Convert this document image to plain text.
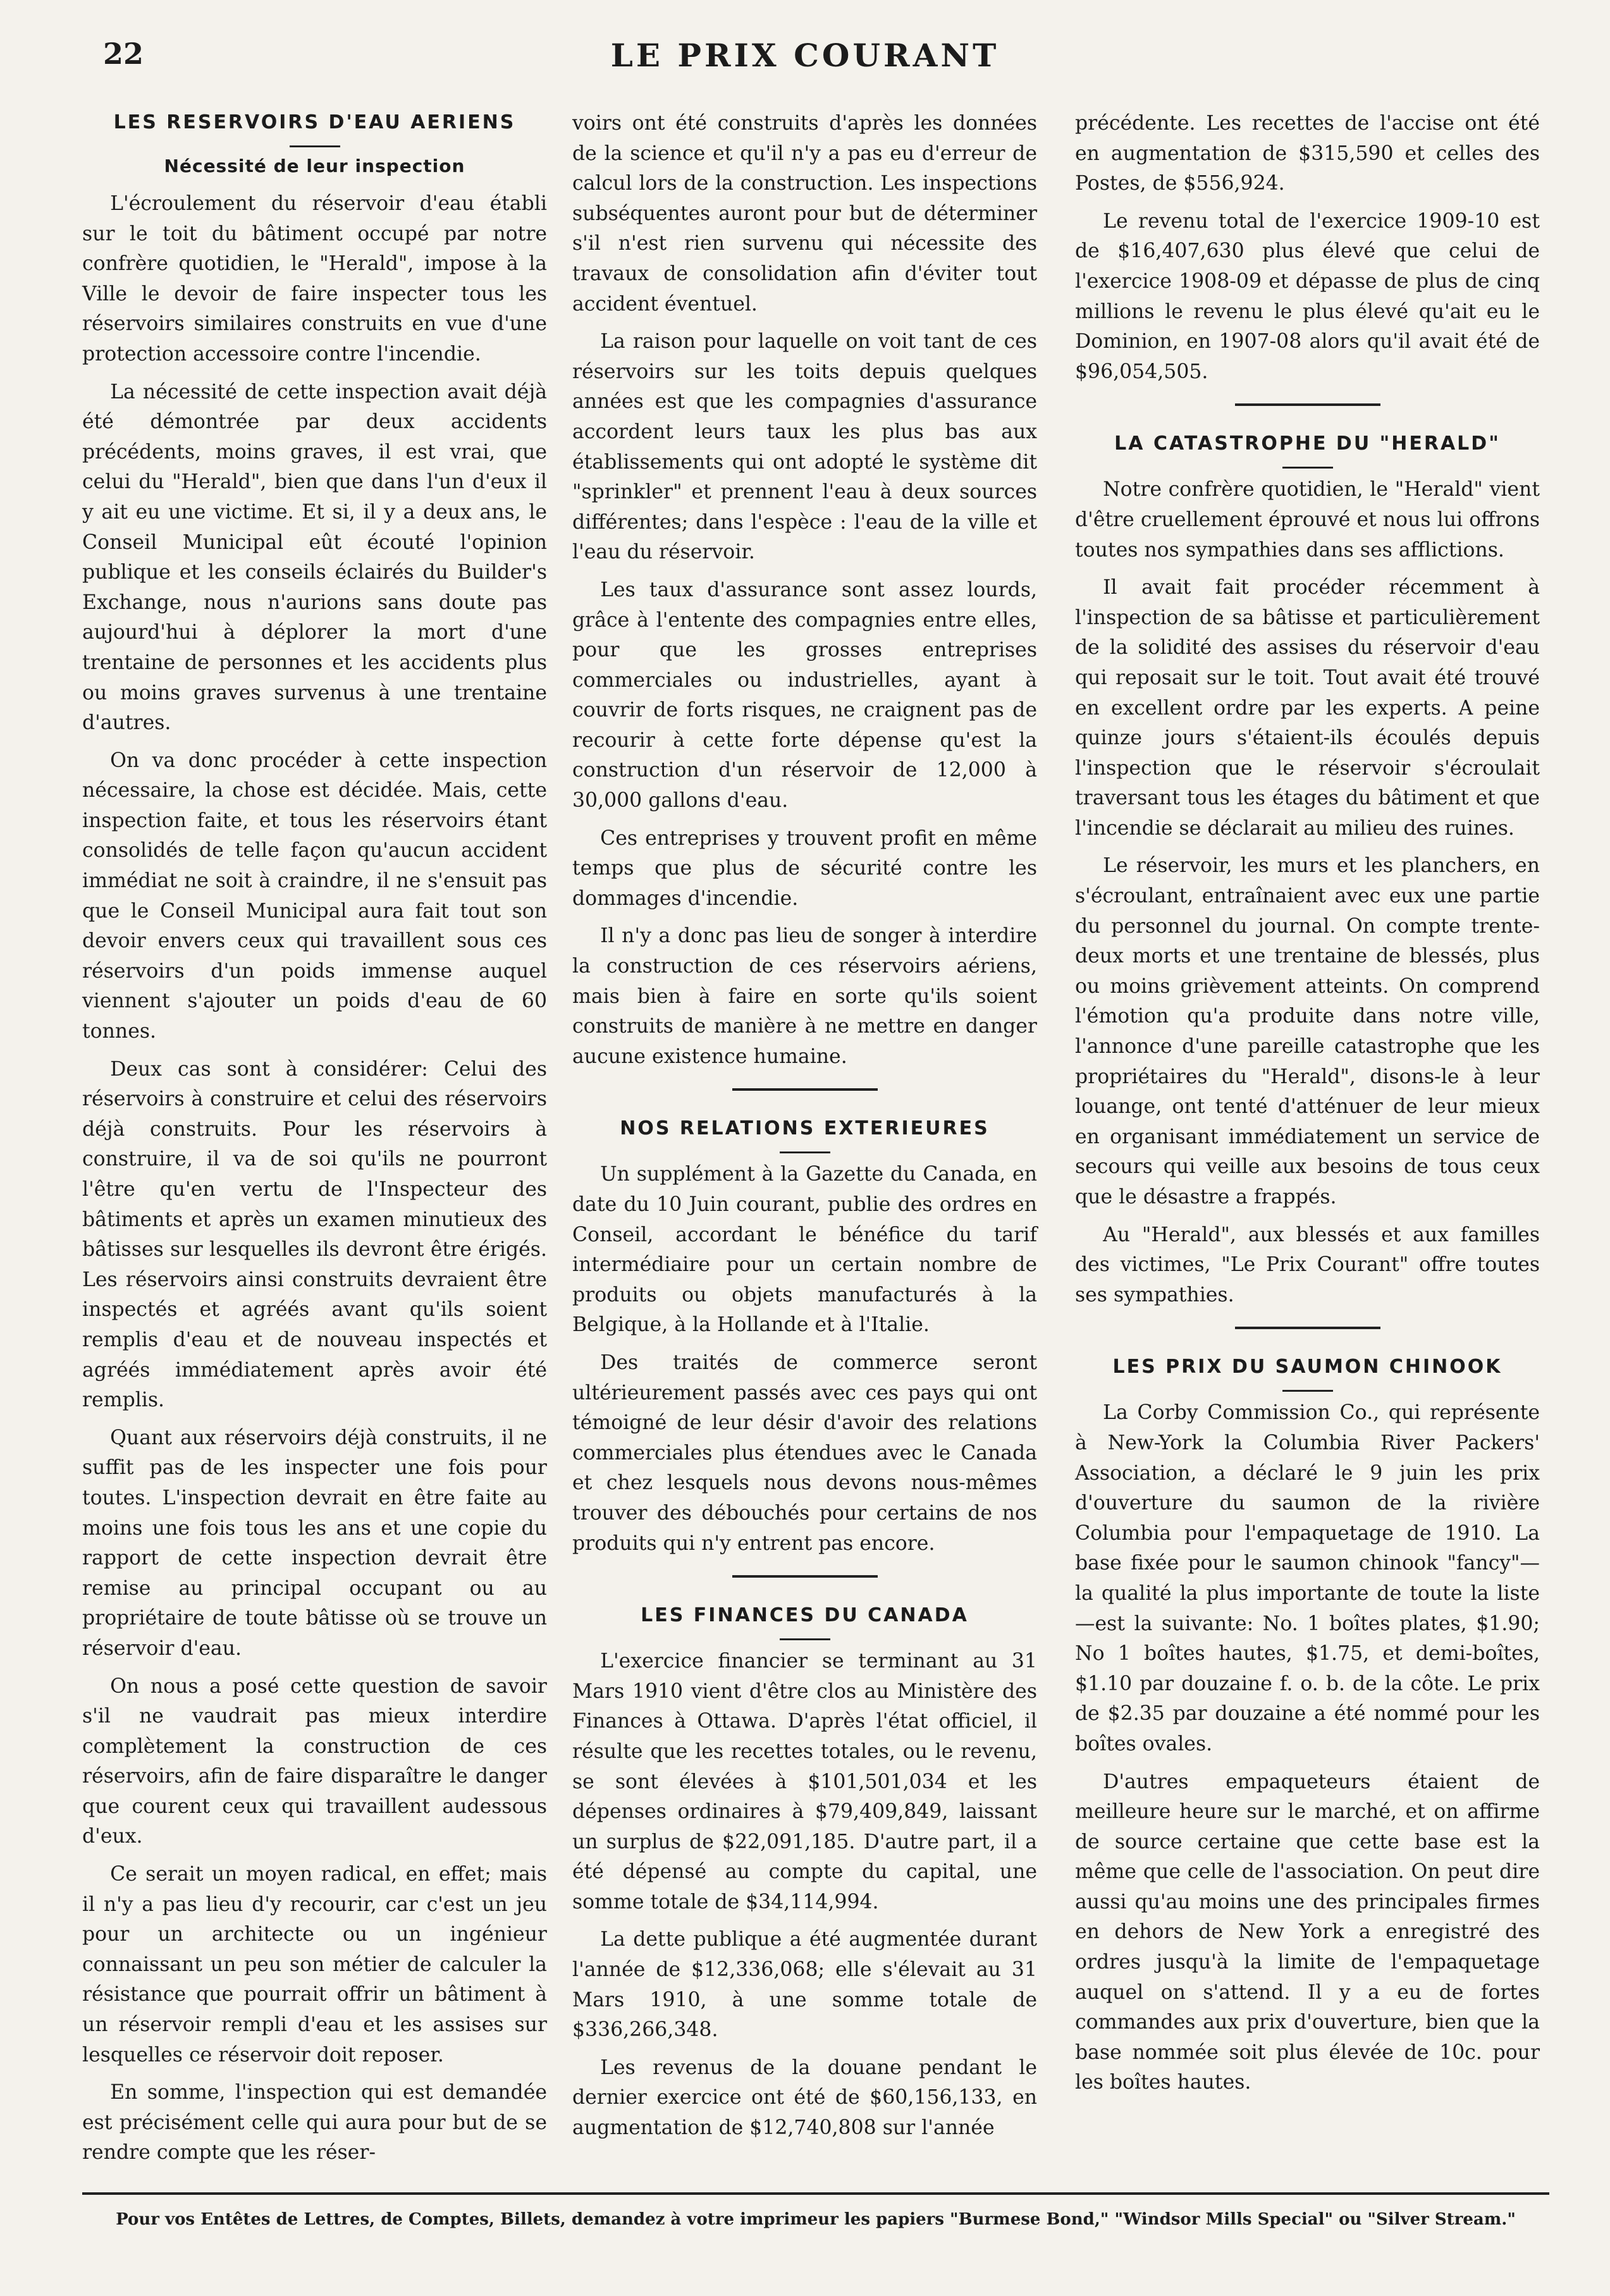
22	LE PRIX COURANT
LES RESERVOIRS D'EAU AERIENS
Nécessité de leur inspection

L'écroulement du réservoir d'eau établi sur le toit du bâtiment occupé par notre confrère quotidien, le "Herald", impose à la Ville le devoir de faire inspecter tous les réservoirs similaires construits en vue d'une protection accessoire contre l'incendie.

La nécessité de cette inspection avait déjà été démontrée par deux accidents précédents, moins graves, il est vrai, que celui du "Herald", bien que dans l'un d'eux il y ait eu une victime. Et si, il y a deux ans, le Conseil Municipal eût écouté l'opinion publique et les conseils éclairés du Builder's Exchange, nous n'aurions sans doute pas aujourd'hui à déplorer la mort d'une trentaine de personnes et les accidents plus ou moins graves survenus à une trentaine d'autres.

On va donc procéder à cette inspection nécessaire, la chose est décidée. Mais, cette inspection faite, et tous les réservoirs étant consolidés de telle façon qu'aucun accident immédiat ne soit à craindre, il ne s'ensuit pas que le Conseil Municipal aura fait tout son devoir envers ceux qui travaillent sous ces réservoirs d'un poids immense auquel viennent s'ajouter un poids d'eau de 60 tonnes.

Deux cas sont à considérer: Celui des réservoirs à construire et celui des réservoirs déjà construits. Pour les réservoirs à construire, il va de soi qu'ils ne pourront l'être qu'en vertu de l'Inspecteur des bâtiments et après un examen minutieux des bâtisses sur lesquelles ils devront être érigés. Les réservoirs ainsi construits devraient être inspectés et agréés avant qu'ils soient remplis d'eau et de nouveau inspectés et agréés immédiatement après avoir été remplis.

Quant aux réservoirs déjà construits, il ne suffit pas de les inspecter une fois pour toutes. L'inspection devrait en être faite au moins une fois tous les ans et une copie du rapport de cette inspection devrait être remise au principal occupant ou au propriétaire de toute bâtisse où se trouve un réservoir d'eau.

On nous a posé cette question de savoir s'il ne vaudrait pas mieux interdire complètement la construction de ces réservoirs, afin de faire disparaître le danger que courent ceux qui travaillent audessous d'eux.

Ce serait un moyen radical, en effet; mais il n'y a pas lieu d'y recourir, car c'est un jeu pour un architecte ou un ingénieur connaissant un peu son métier de calculer la résistance que pourrait offrir un bâtiment à un réservoir rempli d'eau et les assises sur lesquelles ce réservoir doit reposer.

En somme, l'inspection qui est demandée est précisément celle qui aura pour but de se rendre compte que les réser-

voirs ont été construits d'après les données de la science et qu'il n'y a pas eu d'erreur de calcul lors de la construction. Les inspections subséquentes auront pour but de déterminer s'il n'est rien survenu qui nécessite des travaux de consolidation afin d'éviter tout accident éventuel.

La raison pour laquelle on voit tant de ces réservoirs sur les toits depuis quelques années est que les compagnies d'assurance accordent leurs taux les plus bas aux établissements qui ont adopté le système dit "sprinkler" et prennent l'eau à deux sources différentes; dans l'espèce : l'eau de la ville et l'eau du réservoir.

Les taux d'assurance sont assez lourds, grâce à l'entente des compagnies entre elles, pour que les grosses entreprises commerciales ou industrielles, ayant à couvrir de forts risques, ne craignent pas de recourir à cette forte dépense qu'est la construction d'un réservoir de 12,000 à 30,000 gallons d'eau.

Ces entreprises y trouvent profit en même temps que plus de sécurité contre les dommages d'incendie.

Il n'y a donc pas lieu de songer à interdire la construction de ces réservoirs aériens, mais bien à faire en sorte qu'ils soient construits de manière à ne mettre en danger aucune existence humaine.

NOS RELATIONS EXTERIEURES

Un supplément à la Gazette du Canada, en date du 10 Juin courant, publie des ordres en Conseil, accordant le bénéfice du tarif intermédiaire pour un certain nombre de produits ou objets manufacturés à la Belgique, à la Hollande et à l'Italie.

Des traités de commerce seront ultérieurement passés avec ces pays qui ont témoigné de leur désir d'avoir des relations commerciales plus étendues avec le Canada et chez lesquels nous devons nous-mêmes trouver des débouchés pour certains de nos produits qui n'y entrent pas encore.

LES FINANCES DU CANADA

L'exercice financier se terminant au 31 Mars 1910 vient d'être clos au Ministère des Finances à Ottawa. D'après l'état officiel, il résulte que les recettes totales, ou le revenu, se sont élevées à $101,501,034 et les dépenses ordinaires à $79,409,849, laissant un surplus de $22,091,185. D'autre part, il a été dépensé au compte du capital, une somme totale de $34,114,994.

La dette publique a été augmentée durant l'année de $12,336,068; elle s'élevait au 31 Mars 1910, à une somme totale de $336,266,348.

Les revenus de la douane pendant le dernier exercice ont été de $60,156,133, en augmentation de $12,740,808 sur l'année

précédente. Les recettes de l'accise ont été en augmentation de $315,590 et celles des Postes, de $556,924.

Le revenu total de l'exercice 1909-10 est de $16,407,630 plus élevé que celui de l'exercice 1908-09 et dépasse de plus de cinq millions le revenu le plus élevé qu'ait eu le Dominion, en 1907-08 alors qu'il avait été de $96,054,505.

LA CATASTROPHE DU "HERALD"

Notre confrère quotidien, le "Herald" vient d'être cruellement éprouvé et nous lui offrons toutes nos sympathies dans ses afflictions.

Il avait fait procéder récemment à l'inspection de sa bâtisse et particulièrement de la solidité des assises du réservoir d'eau qui reposait sur le toit. Tout avait été trouvé en excellent ordre par les experts. A peine quinze jours s'étaient-ils écoulés depuis l'inspection que le réservoir s'écroulait traversant tous les étages du bâtiment et que l'incendie se déclarait au milieu des ruines.

Le réservoir, les murs et les planchers, en s'écroulant, entraînaient avec eux une partie du personnel du journal. On compte trente-deux morts et une trentaine de blessés, plus ou moins grièvement atteints. On comprend l'émotion qu'a produite dans notre ville, l'annonce d'une pareille catastrophe que les propriétaires du "Herald", disons-le à leur louange, ont tenté d'atténuer de leur mieux en organisant immédiatement un service de secours qui veille aux besoins de tous ceux que le désastre a frappés.

Au "Herald", aux blessés et aux familles des victimes, "Le Prix Courant" offre toutes ses sympathies.

LES PRIX DU SAUMON CHINOOK

La Corby Commission Co., qui représente à New-York la Columbia River Packers' Association, a déclaré le 9 juin les prix d'ouverture du saumon de la rivière Columbia pour l'empaquetage de 1910. La base fixée pour le saumon chinook "fancy"—la qualité la plus importante de toute la liste—est la suivante: No. 1 boîtes plates, $1.90; No 1 boîtes hautes, $1.75, et demi-boîtes, $1.10 par douzaine f. o. b. de la côte. Le prix de $2.35 par douzaine a été nommé pour les boîtes ovales.

D'autres empaqueteurs étaient de meilleure heure sur le marché, et on affirme de source certaine que cette base est la même que celle de l'association. On peut dire aussi qu'au moins une des principales firmes en dehors de New York a enregistré des ordres jusqu'à la limite de l'empaquetage auquel on s'attend. Il y a eu de fortes commandes aux prix d'ouverture, bien que la base nommée soit plus élevée de 10c. pour les boîtes hautes.

Pour vos Entêtes de Lettres, de Comptes, Billets, demandez à votre imprimeur les papiers "Burmese Bond," "Windsor Mills Special" ou "Silver Stream."
